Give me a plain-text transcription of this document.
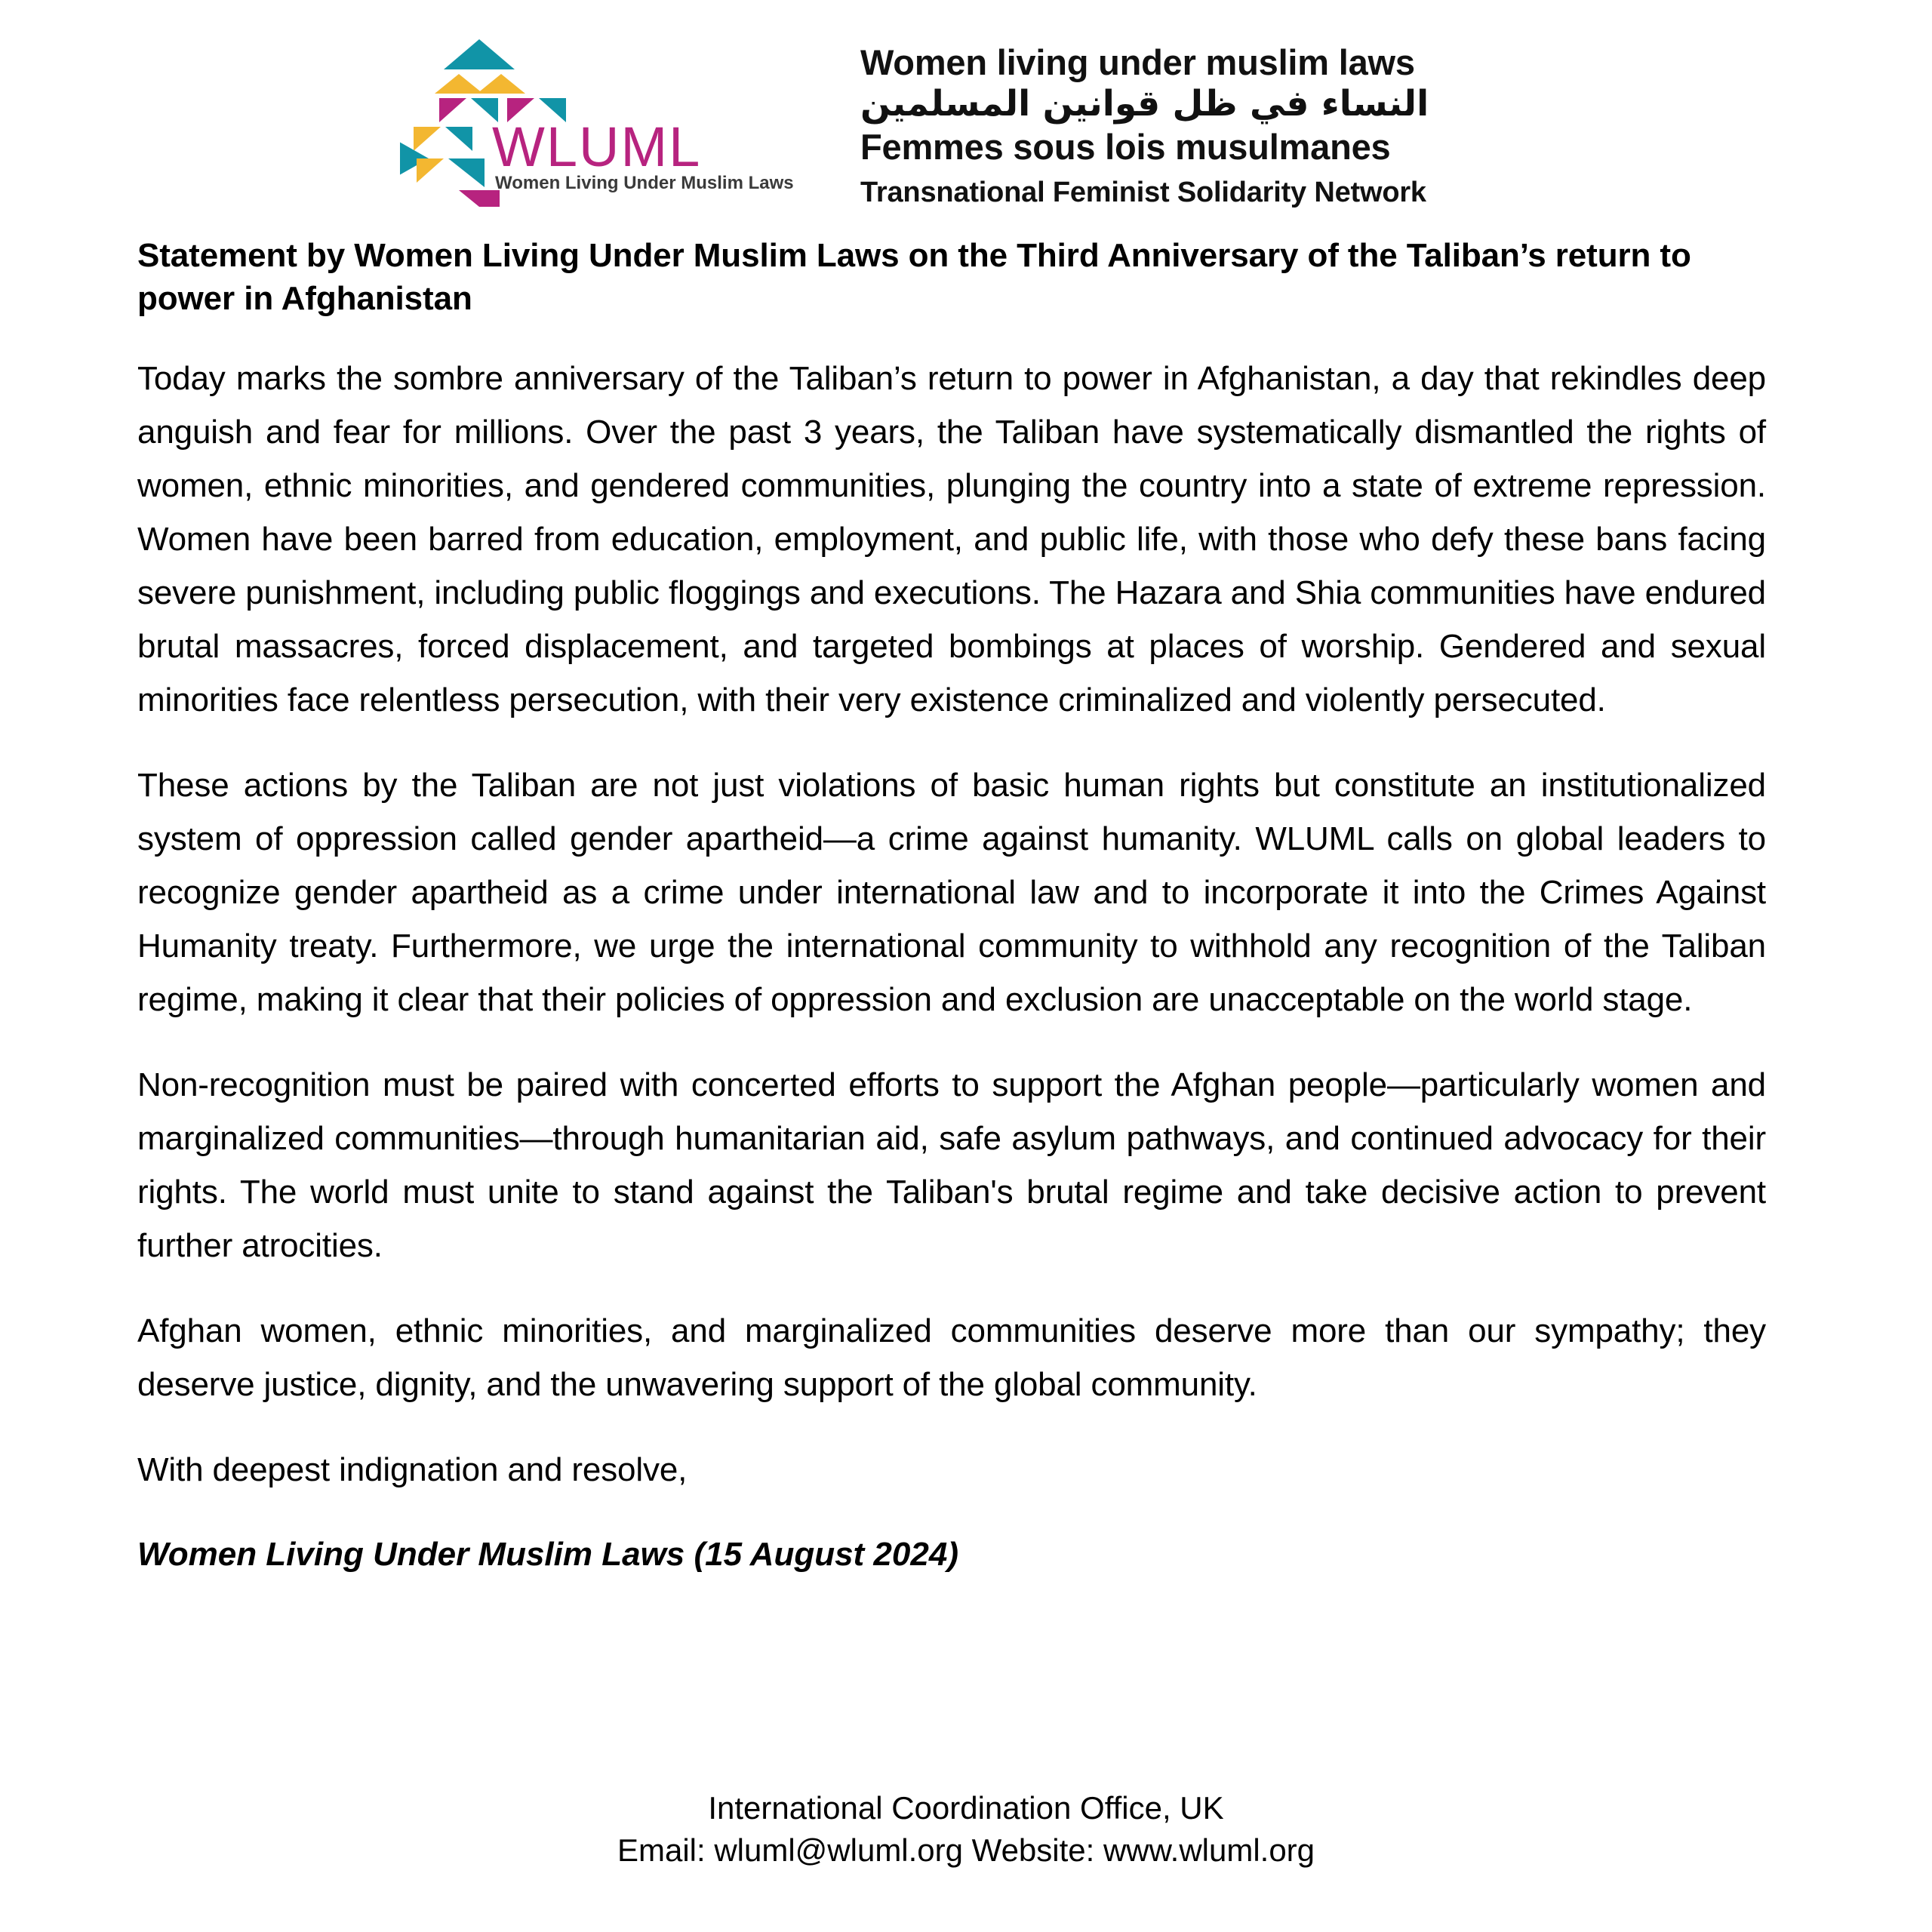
WLUML
Women Living Under Muslim Laws
Women living under muslim laws
النساء في ظل قوانين المسلمين
Femmes sous lois musulmanes
Transnational Feminist Solidarity Network
Statement by Women Living Under Muslim Laws on the Third Anniversary of the Taliban’s return to power in Afghanistan

Today marks the sombre anniversary of the Taliban’s return to power in Afghanistan, a day that rekindles deep anguish and fear for millions. Over the past 3 years, the Taliban have systematically dismantled the rights of women, ethnic minorities, and gendered communities, plunging the country into a state of extreme repression. Women have been barred from education, employment, and public life, with those who defy these bans facing severe punishment, including public floggings and executions. The Hazara and Shia communities have endured brutal massacres, forced displacement, and targeted bombings at places of worship. Gendered and sexual minorities face relentless persecution, with their very existence criminalized and violently persecuted.

These actions by the Taliban are not just violations of basic human rights but constitute an institutionalized system of oppression called gender apartheid—a crime against humanity. WLUML calls on global leaders to recognize gender apartheid as a crime under international law and to incorporate it into the Crimes Against Humanity treaty. Furthermore, we urge the international community to withhold any recognition of the Taliban regime, making it clear that their policies of oppression and exclusion are unacceptable on the world stage.

Non-recognition must be paired with concerted efforts to support the Afghan people—particularly women and marginalized communities—through humanitarian aid, safe asylum pathways, and continued advocacy for their rights. The world must unite to stand against the Taliban's brutal regime and take decisive action to prevent further atrocities.

Afghan women, ethnic minorities, and marginalized communities deserve more than our sympathy; they deserve justice, dignity, and the unwavering support of the global community.

With deepest indignation and resolve,

Women Living Under Muslim Laws (15 August 2024)

International Coordination Office, UK
Email: wluml@wluml.org Website: www.wluml.org
